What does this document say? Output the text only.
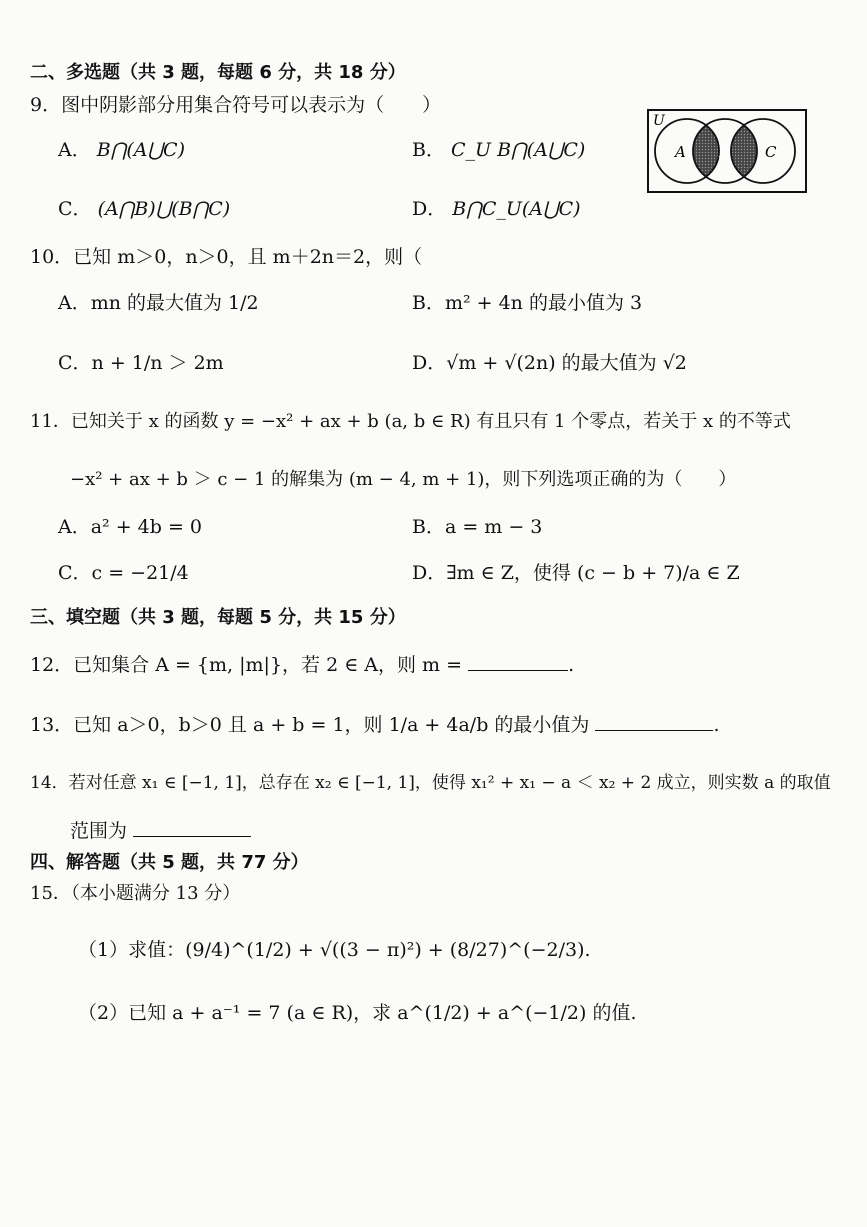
二、多选题（共 3 题，每题 6 分，共 18 分）
9．图中阴影部分用集合符号可以表示为（　　）
A． B⋂(A⋃C)	B． C_U B⋂(A⋃C)
C． (A⋂B)⋃(B⋂C)	D． B⋂C_U(A⋃C)
U
A B C
10．已知 m＞0，n＞0，且 m＋2n＝2，则（
A．mn 的最大值为 1/2	B．m² + 4n 的最小值为 3
C．n + 1/n ＞ 2m	D．√m + √(2n) 的最大值为 √2
11．已知关于 x 的函数 y = −x² + ax + b (a, b ∈ R) 有且只有 1 个零点，若关于 x 的不等式
−x² + ax + b ＞ c − 1 的解集为 (m − 4, m + 1)，则下列选项正确的为（　　）
A．a² + 4b = 0	B．a = m − 3
C．c = −21/4	D．∃m ∈ Z，使得 (c − b + 7)/a ∈ Z
三、填空题（共 3 题，每题 5 分，共 15 分）
12．已知集合 A = {m, |m|}，若 2 ∈ A，则 m =	.
13．已知 a＞0，b＞0 且 a + b = 1，则 1/a + 4a/b 的最小值为	.
14．若对任意 x₁ ∈ [−1, 1]，总存在 x₂ ∈ [−1, 1]，使得 x₁² + x₁ − a ＜ x₂ + 2 成立，则实数 a 的取值
范围为
四、解答题（共 5 题，共 77 分）
15．（本小题满分 13 分）
（1）求值：(9/4)^(1/2) + √((3 − π)²) + (8/27)^(−2/3).
（2）已知 a + a⁻¹ = 7 (a ∈ R)，求 a^(1/2) + a^(−1/2) 的值.
